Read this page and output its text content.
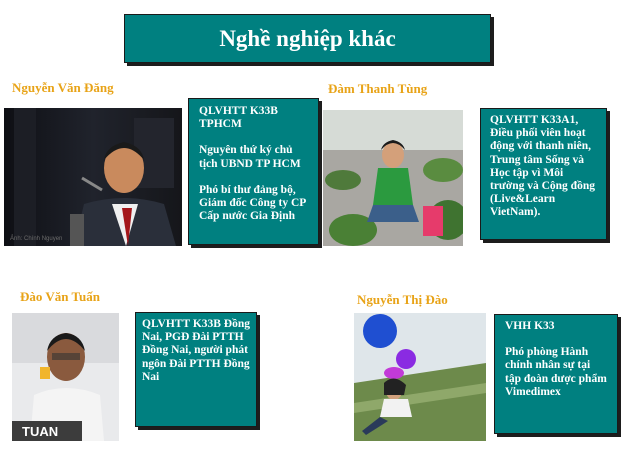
Nghề nghiệp khác
Nguyễn Văn Đăng
Ảnh: Chính Nguyen

QLVHTT K33B TPHCM

Nguyên thứ ký chủ tịch UBND TP HCM

Phó bí thư đảng bộ, Giám đốc Công ty CP Cấp nước Gia Định

Đàm Thanh Tùng

QLVHTT K33A1, Điều phối viên hoạt động với thanh niên, Trung tâm Sống và Học tập vì Môi trường và Cộng đồng (Live&Learn VietNam).

Đào Văn Tuấn
TUAN

QLVHTT K33B Đồng Nai, PGĐ Đài PTTH Đồng Nai, người phát ngôn Đài PTTH Đồng Nai

Nguyễn Thị Đào

VHH K33

Phó phòng Hành chính nhân sự tại tập đoàn dược phẩm Vimedimex
